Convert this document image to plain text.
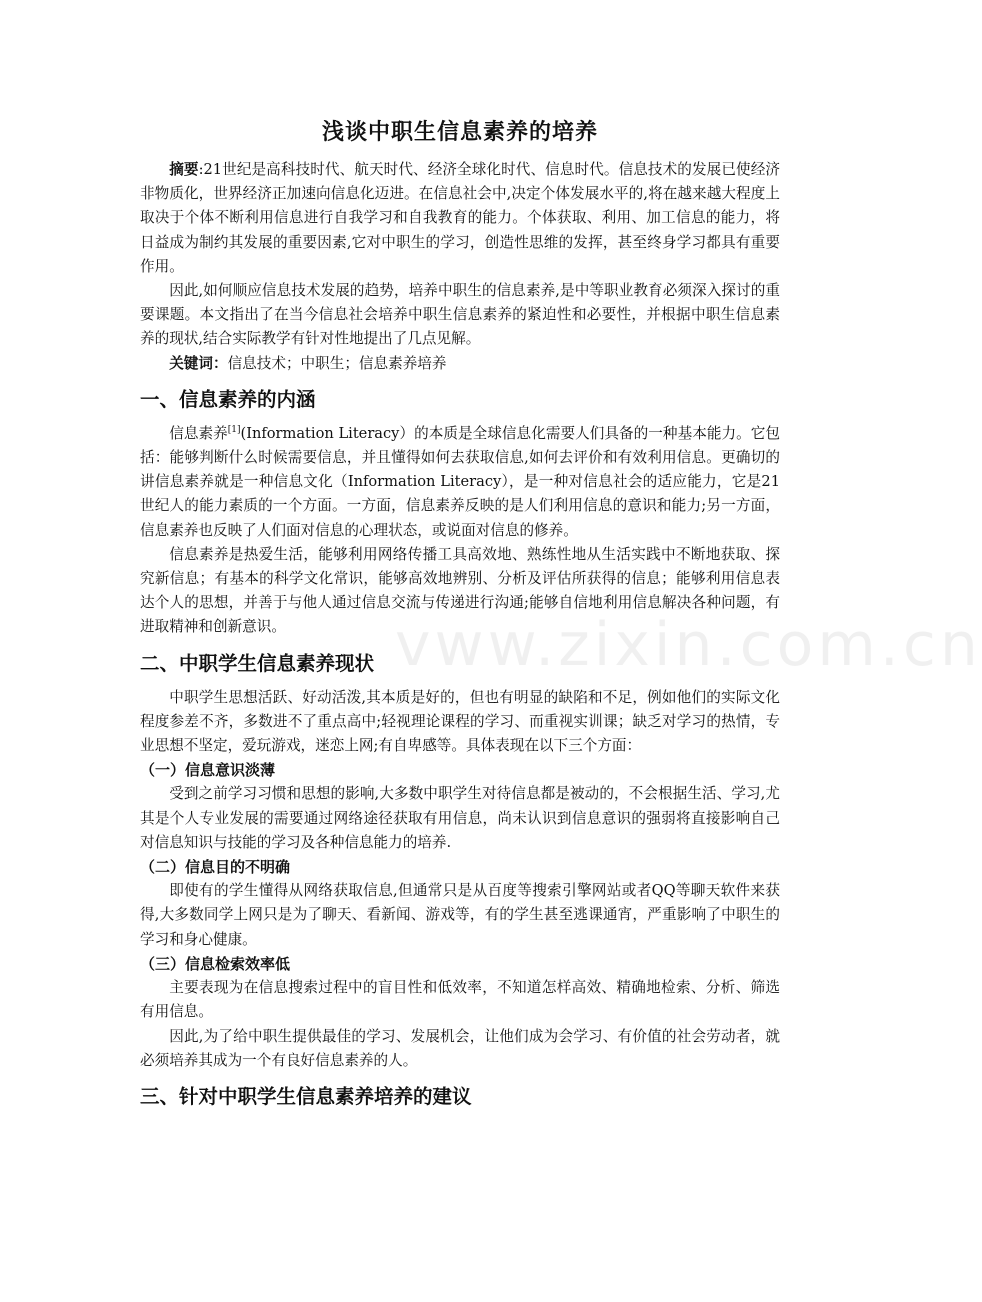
浅谈中职生信息素养的培养

摘要:21世纪是高科技时代、航天时代、经济全球化时代、信息时代。信息技术的发展已使经济非物质化，世界经济正加速向信息化迈进。在信息社会中,决定个体发展水平的,将在越来越大程度上取决于个体不断利用信息进行自我学习和自我教育的能力。个体获取、利用、加工信息的能力，将日益成为制约其发展的重要因素,它对中职生的学习，创造性思维的发挥，甚至终身学习都具有重要作用。

因此,如何顺应信息技术发展的趋势，培养中职生的信息素养,是中等职业教育必须深入探讨的重要课题。本文指出了在当今信息社会培养中职生信息素养的紧迫性和必要性，并根据中职生信息素养的现状,结合实际教学有针对性地提出了几点见解。

关键词：信息技术；中职生；信息素养培养

一、信息素养的内涵

信息素养[1](Information Literacy）的本质是全球信息化需要人们具备的一种基本能力。它包括：能够判断什么时候需要信息，并且懂得如何去获取信息,如何去评价和有效利用信息。更确切的讲信息素养就是一种信息文化（Information Literacy），是一种对信息社会的适应能力，它是21世纪人的能力素质的一个方面。一方面，信息素养反映的是人们利用信息的意识和能力;另一方面，信息素养也反映了人们面对信息的心理状态，或说面对信息的修养。

信息素养是热爱生活，能够利用网络传播工具高效地、熟练性地从生活实践中不断地获取、探究新信息；有基本的科学文化常识，能够高效地辨别、分析及评估所获得的信息；能够利用信息表达个人的思想，并善于与他人通过信息交流与传递进行沟通;能够自信地利用信息解决各种问题，有进取精神和创新意识。

二、中职学生信息素养现状

中职学生思想活跃、好动活泼,其本质是好的，但也有明显的缺陷和不足，例如他们的实际文化程度参差不齐，多数进不了重点高中;轻视理论课程的学习、而重视实训课；缺乏对学习的热情，专业思想不坚定，爱玩游戏，迷恋上网;有自卑感等。具体表现在以下三个方面：

（一）信息意识淡薄

受到之前学习习惯和思想的影响,大多数中职学生对待信息都是被动的，不会根据生活、学习,尤其是个人专业发展的需要通过网络途径获取有用信息，尚未认识到信息意识的强弱将直接影响自己对信息知识与技能的学习及各种信息能力的培养.

（二）信息目的不明确

即使有的学生懂得从网络获取信息,但通常只是从百度等搜索引擎网站或者QQ等聊天软件来获得,大多数同学上网只是为了聊天、看新闻、游戏等，有的学生甚至逃课通宵，严重影响了中职生的学习和身心健康。

（三）信息检索效率低

主要表现为在信息搜索过程中的盲目性和低效率，不知道怎样高效、精确地检索、分析、筛选有用信息。

因此,为了给中职生提供最佳的学习、发展机会，让他们成为会学习、有价值的社会劳动者，就必须培养其成为一个有良好信息素养的人。

三、针对中职学生信息素养培养的建议
vww.zixin.com.cn
